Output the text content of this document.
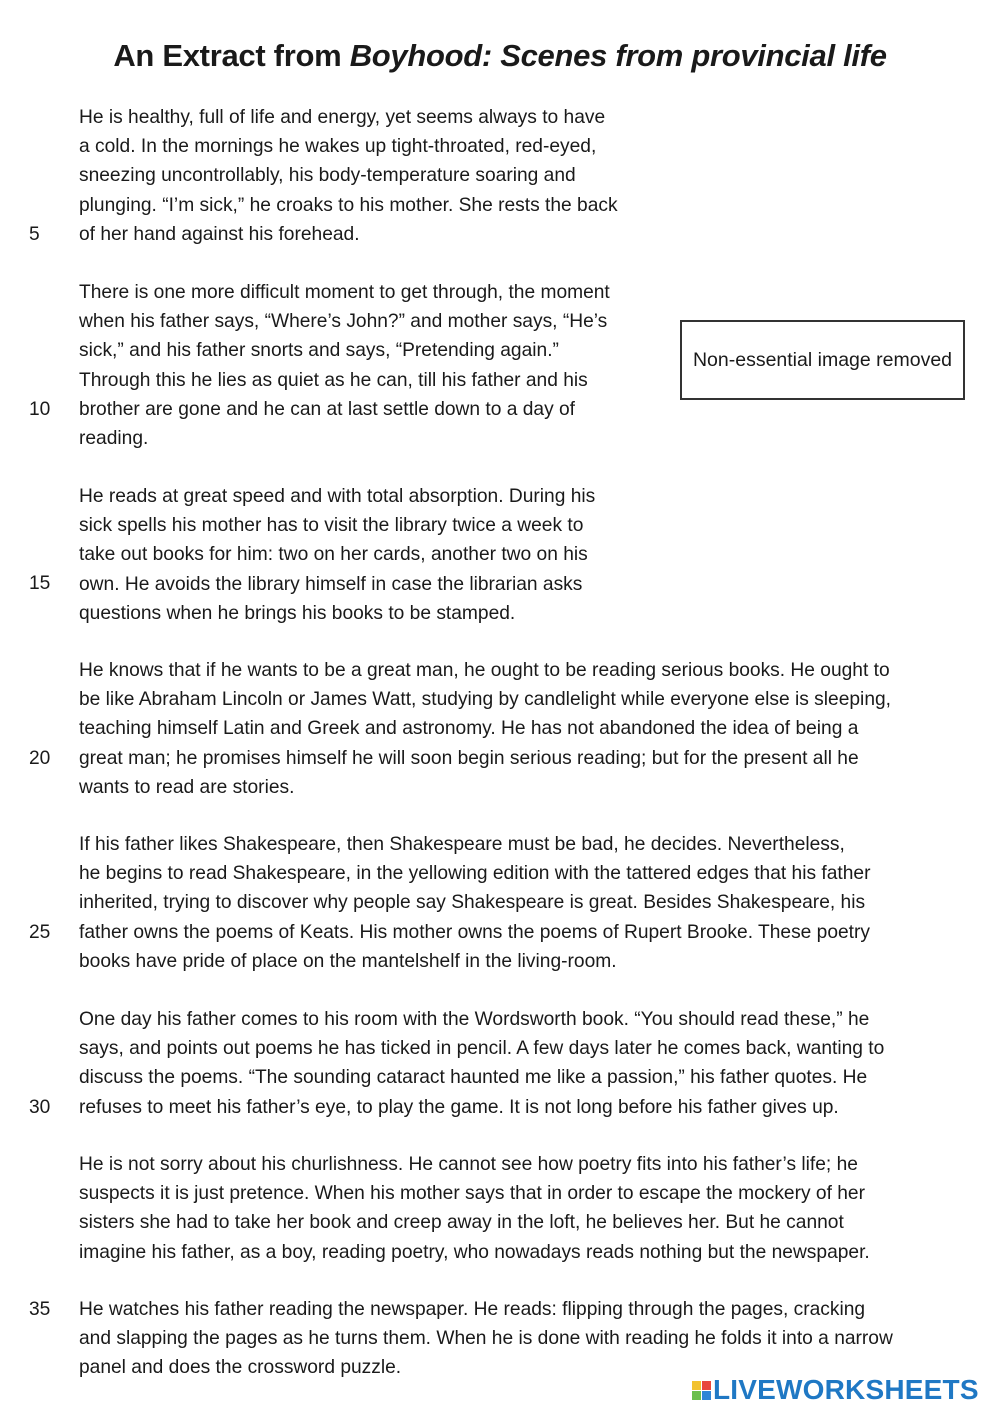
An Extract from Boyhood: Scenes from provincial life
He is healthy, full of life and energy, yet seems always to have
a cold. In the mornings he wakes up tight-throated, red-eyed,
sneezing uncontrollably, his body-temperature soaring and
plunging. “I’m sick,” he croaks to his mother. She rests the back
of her hand against his forehead.
There is one more difficult moment to get through, the moment
when his father says, “Where’s John?” and mother says, “He’s
sick,” and his father snorts and says, “Pretending again.”
Through this he lies as quiet as he can, till his father and his
brother are gone and he can at last settle down to a day of
reading.
He reads at great speed and with total absorption. During his
sick spells his mother has to visit the library twice a week to
take out books for him: two on her cards, another two on his
own. He avoids the library himself in case the librarian asks
questions when he brings his books to be stamped.
He knows that if he wants to be a great man, he ought to be reading serious books. He ought to
be like Abraham Lincoln or James Watt, studying by candlelight while everyone else is sleeping,
teaching himself Latin and Greek and astronomy. He has not abandoned the idea of being a
great man; he promises himself he will soon begin serious reading; but for the present all he
wants to read are stories.
If his father likes Shakespeare, then Shakespeare must be bad, he decides. Nevertheless,
he begins to read Shakespeare, in the yellowing edition with the tattered edges that his father
inherited, trying to discover why people say Shakespeare is great. Besides Shakespeare, his
father owns the poems of Keats. His mother owns the poems of Rupert Brooke. These poetry
books have pride of place on the mantelshelf in the living-room.
One day his father comes to his room with the Wordsworth book. “You should read these,” he
says, and points out poems he has ticked in pencil. A few days later he comes back, wanting to
discuss the poems. “The sounding cataract haunted me like a passion,” his father quotes. He
refuses to meet his father’s eye, to play the game. It is not long before his father gives up.
He is not sorry about his churlishness. He cannot see how poetry fits into his father’s life; he
suspects it is just pretence. When his mother says that in order to escape the mockery of her
sisters she had to take her book and creep away in the loft, he believes her. But he cannot
imagine his father, as a boy, reading poetry, who nowadays reads nothing but the newspaper.
He watches his father reading the newspaper. He reads: flipping through the pages, cracking
and slapping the pages as he turns them. When he is done with reading he folds it into a narrow
panel and does the crossword puzzle.
5
10
15
20
25
30
35
Non-essential image removed
LIVEWORKSHEETS
